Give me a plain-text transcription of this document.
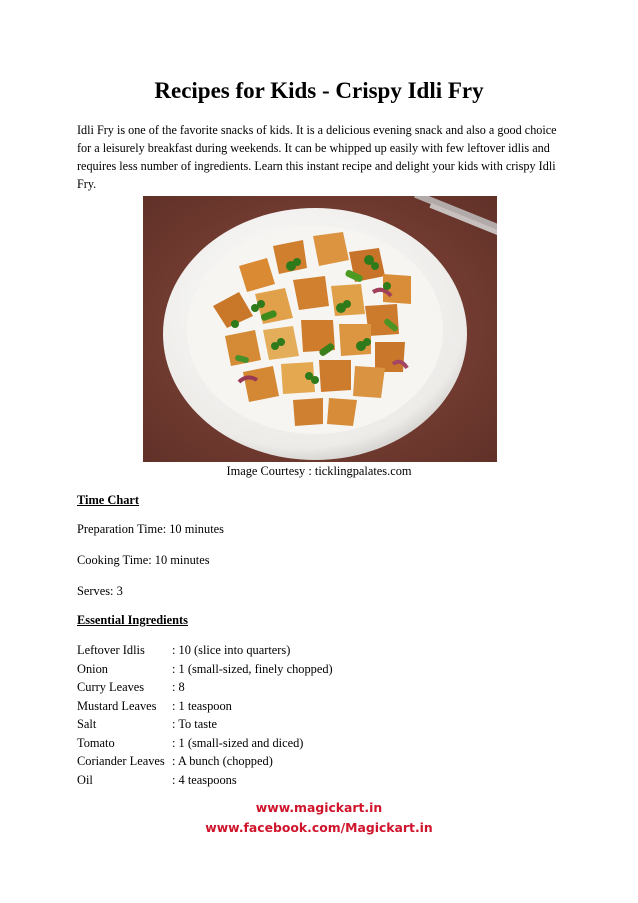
Recipes for Kids - Crispy Idli Fry

Idli Fry is one of the favorite snacks of kids. It is a delicious evening snack and also a good choice for a leisurely breakfast during weekends. It can be whipped up easily with few leftover idlis and requires less number of ingredients. Learn this instant recipe and delight your kids with crispy Idli Fry.

Image Courtesy : ticklingpalates.com
Time Chart
Preparation Time: 10 minutes
Cooking Time: 10 minutes
Serves: 3
Essential Ingredients
Leftover Idlis	: 10 (slice into quarters)
Onion	: 1 (small-sized, finely chopped)
Curry Leaves	: 8
Mustard Leaves	: 1 teaspoon
Salt	: To taste
Tomato	: 1 (small-sized and diced)
Coriander Leaves	: A bunch (chopped)
Oil	: 4 teaspoons
www.magickart.in
www.facebook.com/Magickart.in
